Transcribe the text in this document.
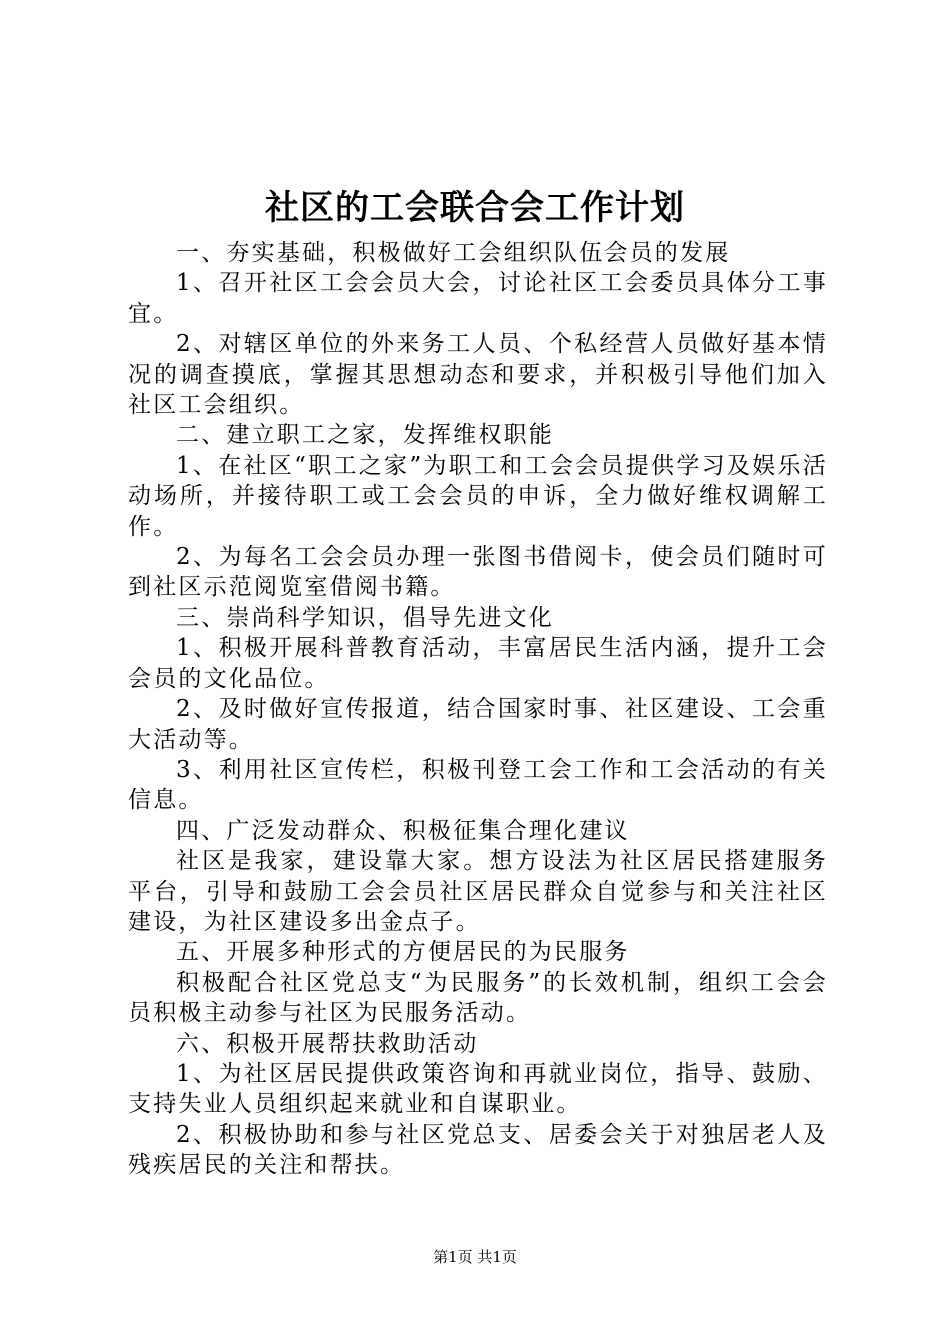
社区的工会联合会工作计划

一、夯实基础，积极做好工会组织队伍会员的发展

1、召开社区工会会员大会，讨论社区工会委员具体分工事宜。

2、对辖区单位的外来务工人员、个私经营人员做好基本情况的调查摸底，掌握其思想动态和要求，并积极引导他们加入社区工会组织。

二、建立职工之家，发挥维权职能

1、在社区“职工之家”为职工和工会会员提供学习及娱乐活动场所，并接待职工或工会会员的申诉，全力做好维权调解工作。

2、为每名工会会员办理一张图书借阅卡，使会员们随时可到社区示范阅览室借阅书籍。

三、崇尚科学知识，倡导先进文化

1、积极开展科普教育活动，丰富居民生活内涵，提升工会会员的文化品位。

2、及时做好宣传报道，结合国家时事、社区建设、工会重大活动等。

3、利用社区宣传栏，积极刊登工会工作和工会活动的有关信息。

四、广泛发动群众、积极征集合理化建议

社区是我家，建设靠大家。想方设法为社区居民搭建服务平台，引导和鼓励工会会员社区居民群众自觉参与和关注社区建设，为社区建设多出金点子。

五、开展多种形式的方便居民的为民服务

积极配合社区党总支“为民服务”的长效机制，组织工会会员积极主动参与社区为民服务活动。

六、积极开展帮扶救助活动

1、为社区居民提供政策咨询和再就业岗位，指导、鼓励、支持失业人员组织起来就业和自谋职业。

2、积极协助和参与社区党总支、居委会关于对独居老人及残疾居民的关注和帮扶。

第1页 共1页
